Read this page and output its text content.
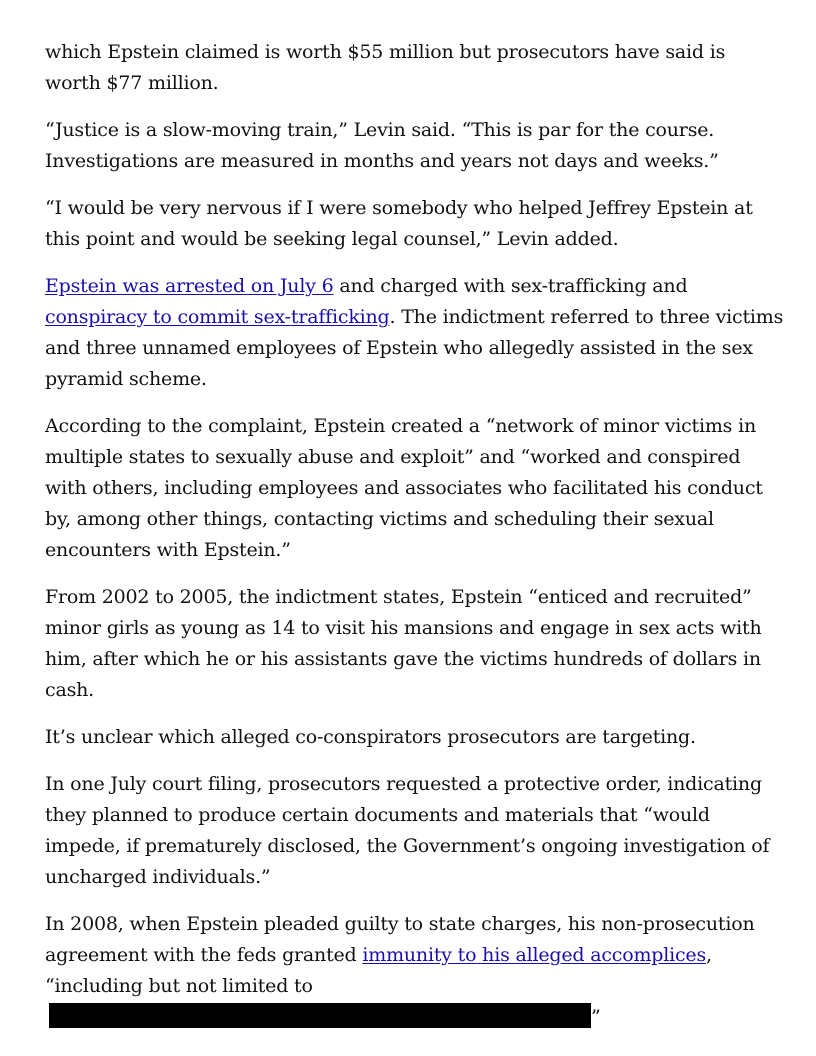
which Epstein claimed is worth $55 million but prosecutors have said is worth $77 million.

“Justice is a slow-moving train,” Levin said. “This is par for the course. Investigations are measured in months and years not days and weeks.”

“I would be very nervous if I were somebody who helped Jeffrey Epstein at this point and would be seeking legal counsel,” Levin added.

Epstein was arrested on July 6 and charged with sex-trafficking and conspiracy to commit sex-trafficking. The indictment referred to three victims and three unnamed employees of Epstein who allegedly assisted in the sex pyramid scheme.

According to the complaint, Epstein created a “network of minor victims in multiple states to sexually abuse and exploit” and “worked and conspired with others, including employees and associates who facilitated his conduct by, among other things, contacting victims and scheduling their sexual encounters with Epstein.”

From 2002 to 2005, the indictment states, Epstein “enticed and recruited” minor girls as young as 14 to visit his mansions and engage in sex acts with him, after which he or his assistants gave the victims hundreds of dollars in cash.

It’s unclear which alleged co-conspirators prosecutors are targeting.

In one July court filing, prosecutors requested a protective order, indicating they planned to produce certain documents and materials that “would impede, if prematurely disclosed, the Government’s ongoing investigation of uncharged individuals.”

In 2008, when Epstein pleaded guilty to state charges, his non-prosecution agreement with the feds granted immunity to his alleged accomplices, “including but not limited to”
